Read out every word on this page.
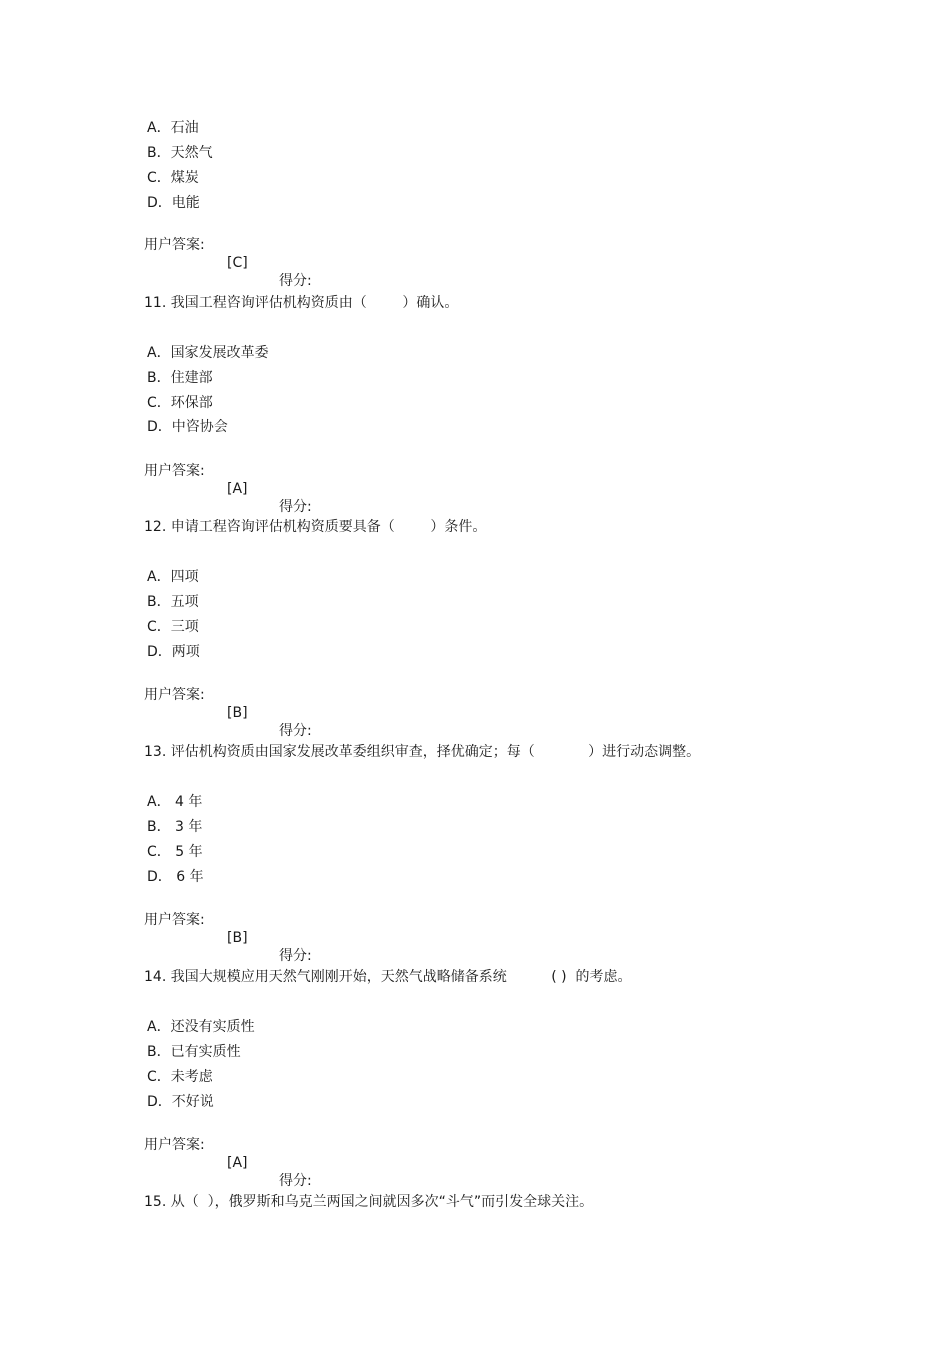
A．石油
B．天然气
C．煤炭
D．电能

用户答案:

[C]

得分:

11. 我国工程咨询评估机构资质由（        ）确认。
A．国家发展改革委
B．住建部
C．环保部
D．中咨协会

用户答案:

[A]

得分:

12. 申请工程咨询评估机构资质要具备（        ）条件。
A．四项
B．五项
C．三项
D．两项

用户答案:

[B]

得分:

13. 评估机构资质由国家发展改革委组织审查，择优确定；每（            ）进行动态调整。
A． 4 年
B． 3 年
C． 5 年
D． 6 年

用户答案:

[B]

得分:

14. 我国大规模应用天然气刚刚开始，天然气战略储备系统          ( )  的考虑。
A．还没有实质性
B．已有实质性
C．未考虑
D．不好说

用户答案:

[A]

得分:

15. 从（  ），俄罗斯和乌克兰两国之间就因多次“斗气”而引发全球关注。
